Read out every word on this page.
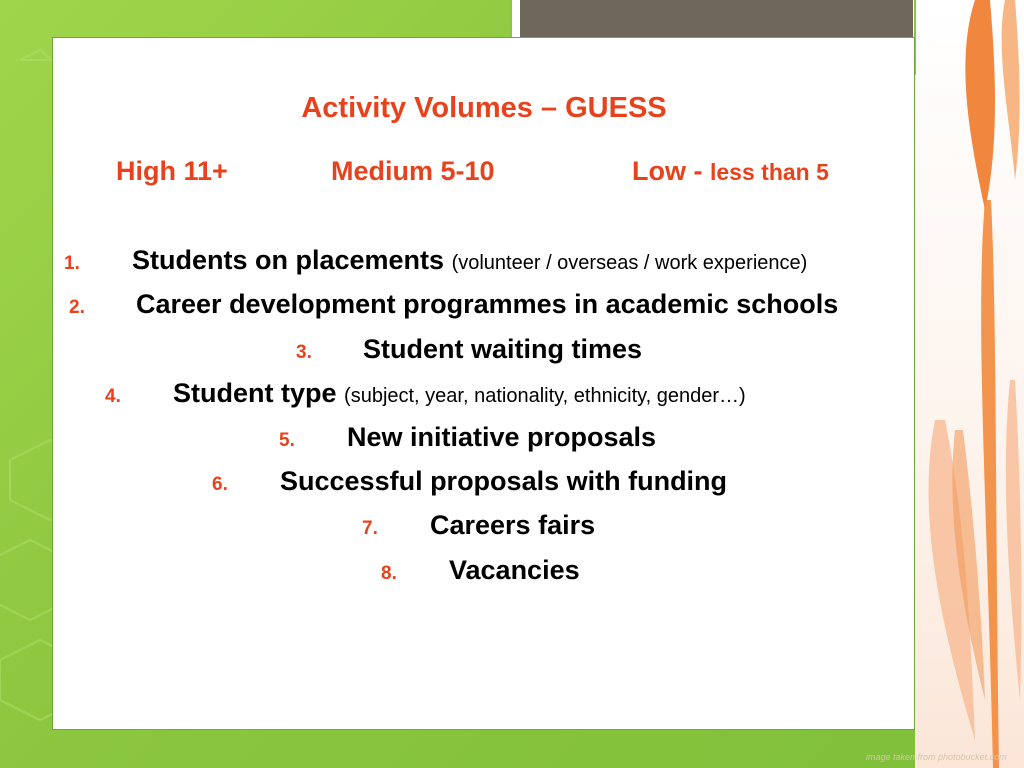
Activity Volumes – GUESS
High 11+	Medium 5-10	Low - less than 5
1. Students on placements (volunteer / overseas / work experience)
2. Career development programmes in academic schools
3. Student waiting times
4. Student type (subject, year, nationality, ethnicity, gender…)
5. New initiative proposals
6. Successful proposals with funding
7. Careers fairs
8. Vacancies
image taken from photobucket.com
